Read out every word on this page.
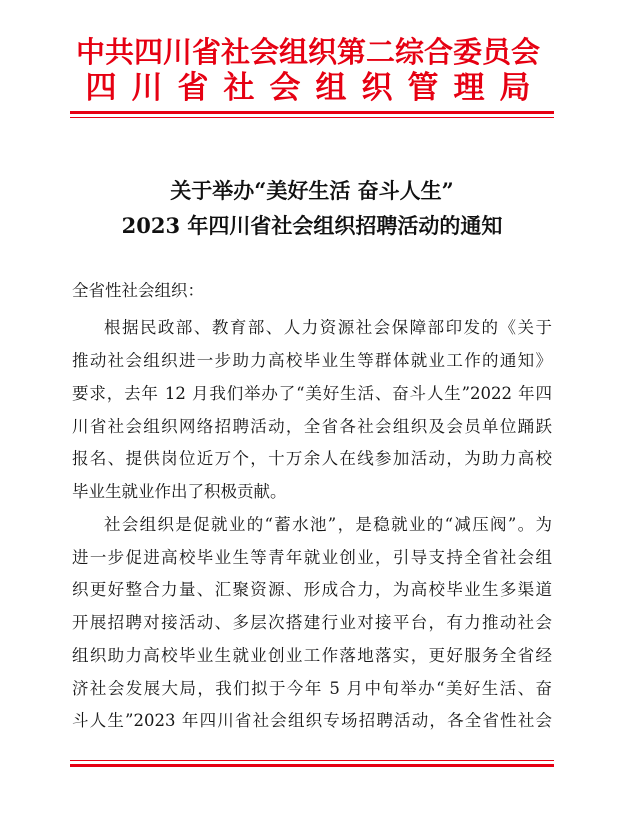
中共四川省社会组织第二综合委员会
四川省社会组织管理局
关于举办“美好生活 奋斗人生”
2023 年四川省社会组织招聘活动的通知
全省性社会组织：
根据民政部、教育部、人力资源社会保障部印发的《关于
推动社会组织进一步助力高校毕业生等群体就业工作的通知》
要求，去年 12 月我们举办了“美好生活、奋斗人生”2022 年四
川省社会组织网络招聘活动，全省各社会组织及会员单位踊跃
报名、提供岗位近万个，十万余人在线参加活动，为助力高校
毕业生就业作出了积极贡献。
社会组织是促就业的“蓄水池”，是稳就业的“减压阀”。为
进一步促进高校毕业生等青年就业创业，引导支持全省社会组
织更好整合力量、汇聚资源、形成合力，为高校毕业生多渠道
开展招聘对接活动、多层次搭建行业对接平台，有力推动社会
组织助力高校毕业生就业创业工作落地落实，更好服务全省经
济社会发展大局，我们拟于今年 5 月中旬举办“美好生活、奋
斗人生”2023 年四川省社会组织专场招聘活动，各全省性社会
